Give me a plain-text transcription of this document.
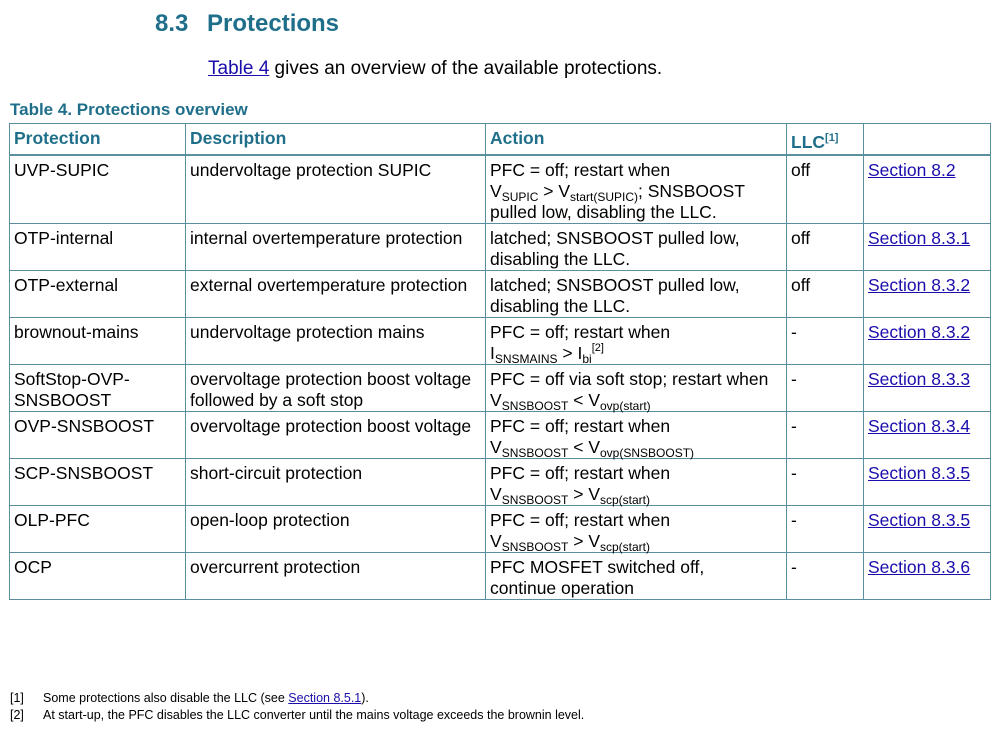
8.3 Protections
Table 4 gives an overview of the available protections.
Table 4. Protections overview
Protection	Description	Action	LLC[1]	
UVP-SUPIC	undervoltage protection SUPIC	PFC = off; restart when
$V_{SUPIC} > V_{start(SUPIC)}$; SNSBOOST
pulled low, disabling the LLC.	off	Section 8.2
OTP-internal	internal overtemperature protection	latched; SNSBOOST pulled low,
disabling the LLC.	off	Section 8.3.1
OTP-external	external overtemperature protection	latched; SNSBOOST pulled low,
disabling the LLC.	off	Section 8.3.2
brownout-mains	undervoltage protection mains	PFC = off; restart when
$I_{SNSMAINS} > I_{bi}[2]$	-	Section 8.3.2
SoftStop-OVP-SNSBOOST	overvoltage protection boost voltage followed by a soft stop	PFC = off via soft stop; restart when
$V_{SNSBOOST} < V_{ovp(start)}$	-	Section 8.3.3
OVP-SNSBOOST	overvoltage protection boost voltage	PFC = off; restart when
$V_{SNSBOOST} < V_{ovp(SNSBOOST)}$	-	Section 8.3.4
SCP-SNSBOOST	short-circuit protection	PFC = off; restart when
$V_{SNSBOOST} > V_{scp(start)}$	-	Section 8.3.5
OLP-PFC	open-loop protection	PFC = off; restart when
$V_{SNSBOOST} > V_{scp(start)}$	-	Section 8.3.5
OCP	overcurrent protection	PFC MOSFET switched off,
continue operation	-	Section 8.3.6
[1] Some protections also disable the LLC (see Section 8.5.1).
[2] At start-up, the PFC disables the LLC converter until the mains voltage exceeds the brownin level.
